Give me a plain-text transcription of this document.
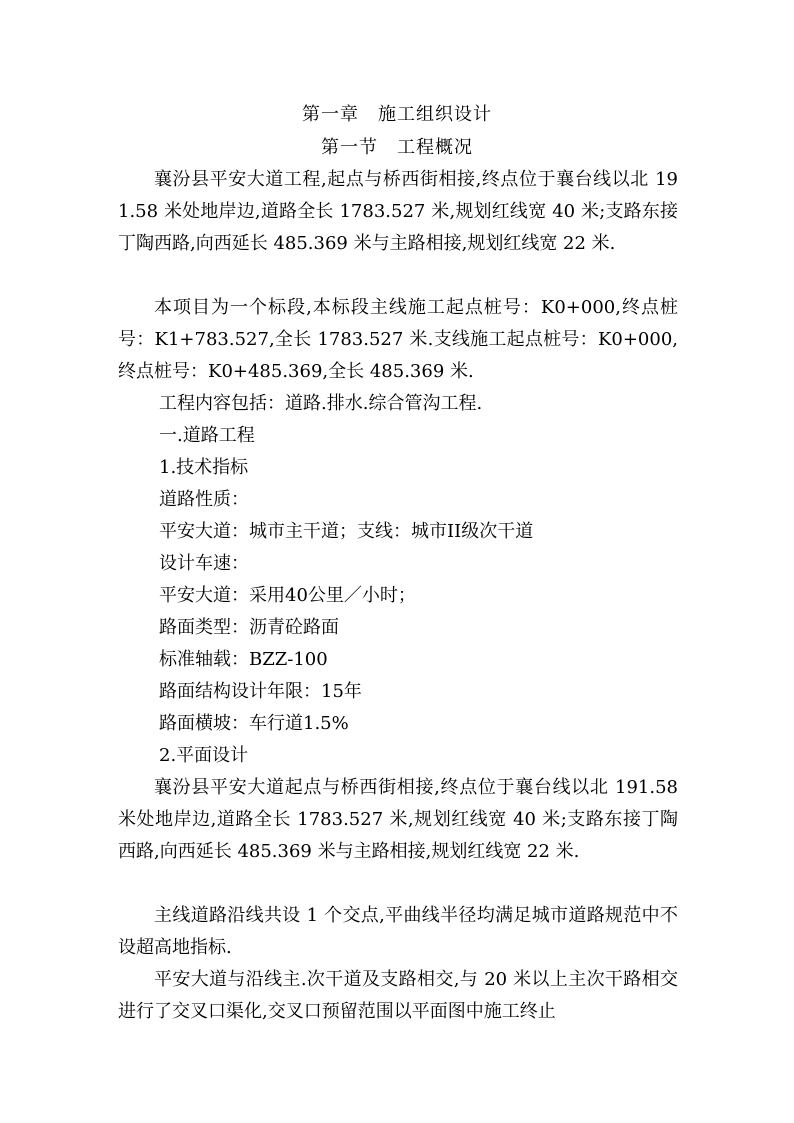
第一章　施工组织设计
第一节　工程概况
襄汾县平安大道工程,起点与桥西街相接,终点位于襄台线以北 191.58 米处地岸边,道路全长 1783.527 米,规划红线宽 40 米;支路东接丁陶西路,向西延长 485.369 米与主路相接,规划红线宽 22 米.
本项目为一个标段,本标段主线施工起点桩号：K0+000,终点桩号：K1+783.527,全长 1783.527 米.支线施工起点桩号：K0+000,终点桩号：K0+485.369,全长 485.369 米.
工程内容包括：道路.排水.综合管沟工程.
一.道路工程
1.技术指标
道路性质：
平安大道：城市主干道；支线：城市II级次干道
设计车速：
平安大道：采用40公里／小时；
路面类型：沥青砼路面
标准轴载：BZZ-100
路面结构设计年限：15年
路面横坡：车行道1.5%
2.平面设计
襄汾县平安大道起点与桥西街相接,终点位于襄台线以北 191.58 米处地岸边,道路全长 1783.527 米,规划红线宽 40 米;支路东接丁陶西路,向西延长 485.369 米与主路相接,规划红线宽 22 米.
主线道路沿线共设 1 个交点,平曲线半径均满足城市道路规范中不设超高地指标.
平安大道与沿线主.次干道及支路相交,与 20 米以上主次干路相交进行了交叉口渠化,交叉口预留范围以平面图中施工终止
